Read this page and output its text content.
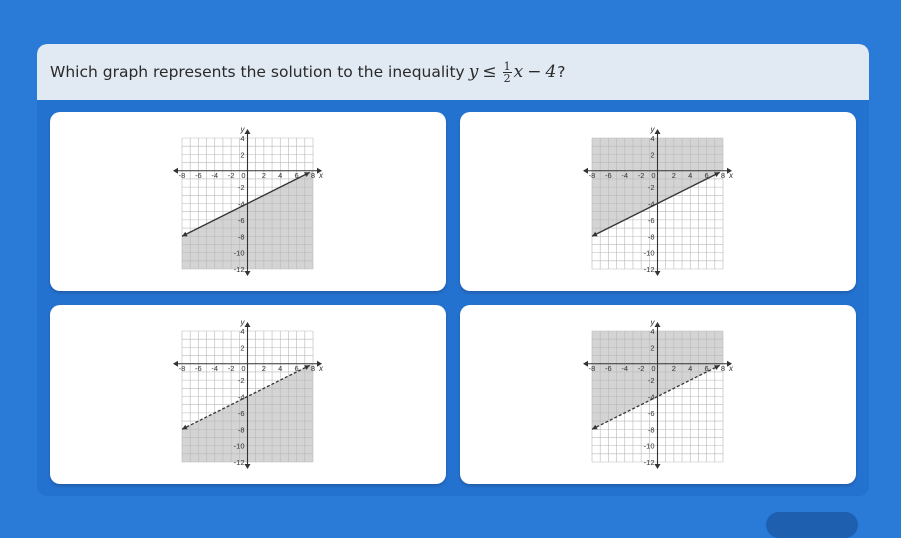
Which graph represents the solution to the inequality $y \le \frac{1}{2}$ x − 4 ?
-8 -6 -4 -2 0 2 4 6 8
4
2
-2
-4
-6
-8
-10
-12
x
y
-8 -6 -4 -2 0 2 4 6 8
4
2
-2
-4
-6
-8
-10
-12
x
y
-8 -6 -4 -2 0 2 4 6 8
4
2
-2
-4
-6
-8
-10
-12
x
y
-8 -6 -4 -2 0 2 4 6 8
4
2
-2
-4
-6
-8
-10
-12
x
y
